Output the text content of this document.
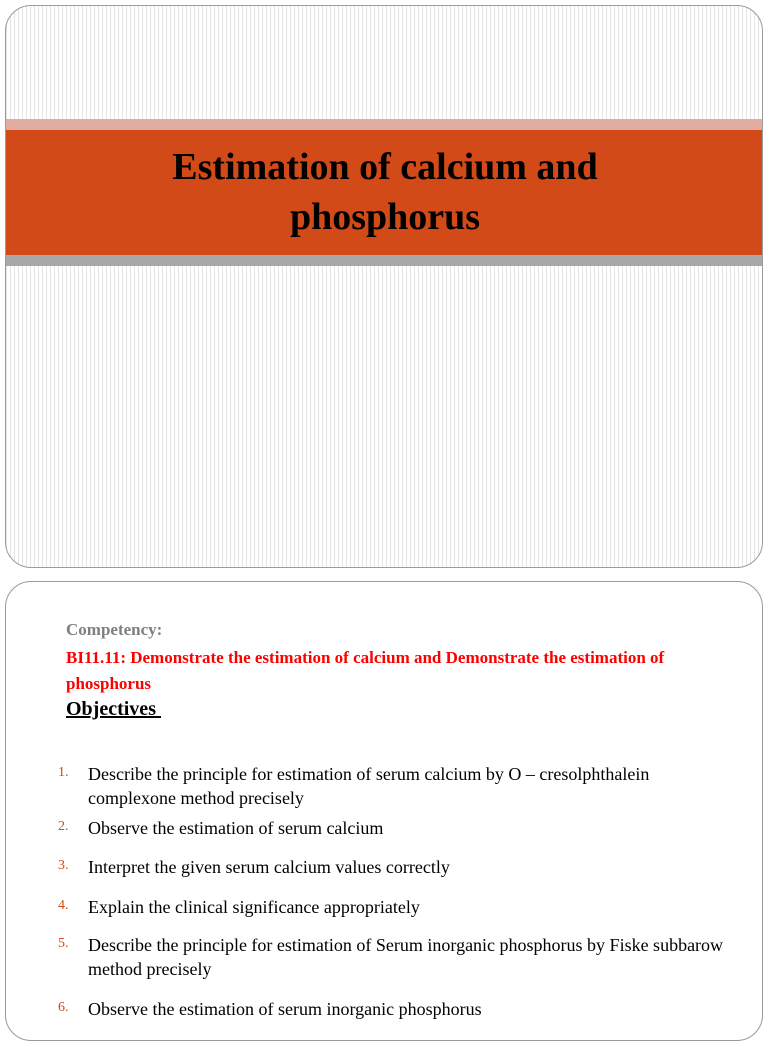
Estimation of calcium and phosphorus
Competency:
BI11.11: Demonstrate the estimation of calcium and Demonstrate the estimation of phosphorus
Objectives
1.	Describe the principle for estimation of serum calcium by O – cresolphthalein complexone method precisely
2.	Observe the estimation of serum calcium
3.	Interpret the given serum calcium values correctly
4.	Explain the clinical significance appropriately
5.	Describe the principle for estimation of Serum inorganic phosphorus by Fiske subbarow method precisely
6.	Observe the estimation of serum inorganic phosphorus
